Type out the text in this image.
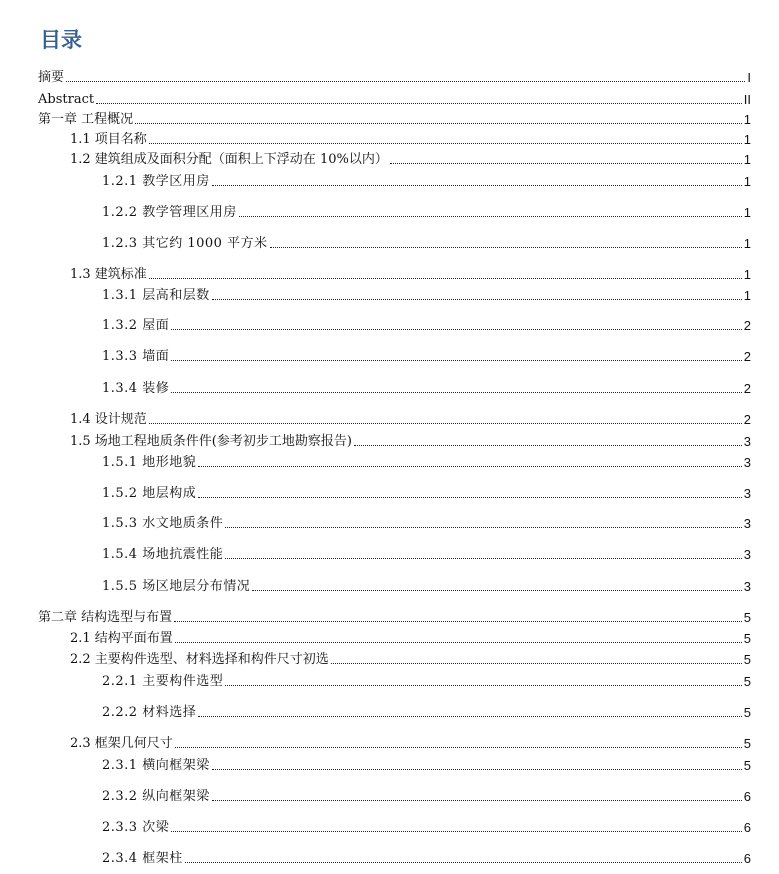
目录
摘要	I
Abstract	II
第一章 工程概况	1
1.1 项目名称	1
1.2 建筑组成及面积分配（面积上下浮动在 10%以内）	1
1.2.1 教学区用房	1
1.2.2 教学管理区用房	1
1.2.3 其它约 1000 平方米	1
1.3 建筑标准	1
1.3.1 层高和层数	1
1.3.2 屋面	2
1.3.3 墙面	2
1.3.4 装修	2
1.4 设计规范	2
1.5 场地工程地质条件件(参考初步工地勘察报告)	3
1.5.1 地形地貌	3
1.5.2 地层构成	3
1.5.3 水文地质条件	3
1.5.4 场地抗震性能	3
1.5.5 场区地层分布情况	3
第二章 结构选型与布置	5
2.1 结构平面布置	5
2.2 主要构件选型、材料选择和构件尺寸初选	5
2.2.1 主要构件选型	5
2.2.2 材料选择	5
2.3 框架几何尺寸	5
2.3.1 横向框架梁	5
2.3.2 纵向框架梁	6
2.3.3 次梁	6
2.3.4 框架柱	6
